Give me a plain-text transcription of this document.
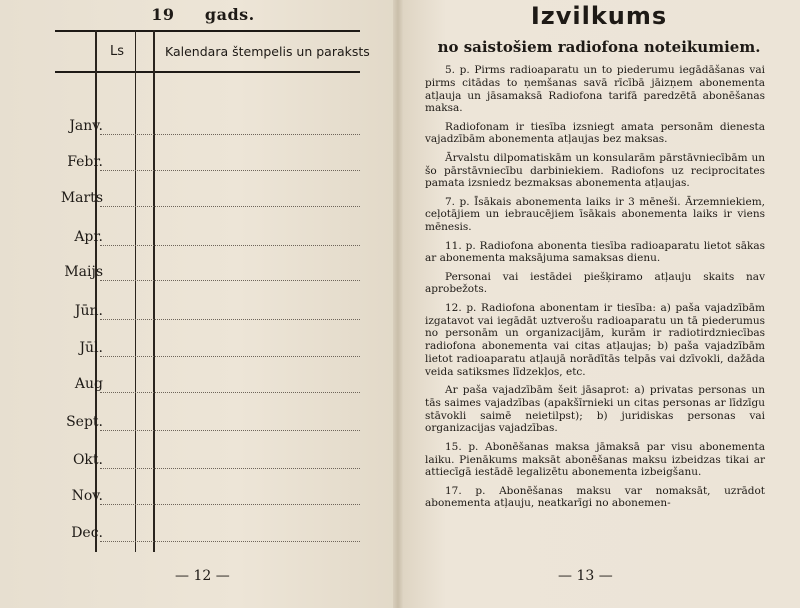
19     gads.
Ls	Kalendara štempelis un paraksts
Janv.
Febr.
Marts
Apr.
Maijs
Jūn.
Jūl.
Aug
Sept.
Okt.
Nov.
Dec.
— 12 —
Izvilkums
no saistošiem radiofona noteikumiem.

5. p. Pirms radioaparatu un to piederumu iegādāšanas vai pirms citādas to ņemšanas savā rīcībā jāizņem abonementa atļauja un jāsamaksā Radiofona tarifā paredzētā abonēšanas maksa.

Radiofonam ir tiesība izsniegt amata personām dienesta vajadzībām abonementa atļaujas bez maksas.

Ārvalstu dilpomatiskām un konsularām pārstāvniecībām un šo pārstāvniecību darbiniekiem. Radiofons uz reciprocitates pamata izsniedz bezmaksas abonementa atļaujas.

7. p. Īsākais abonementa laiks ir 3 mēneši. Ārzemniekiem, ceļotājiem un iebraucējiem īsākais abonementa laiks ir viens mēnesis.

11. p. Radiofona abonenta tiesība radioaparatu lietot sākas ar abonementa maksājuma samaksas dienu.

Personai vai iestādei piešķiramo atļauju skaits nav aprobežots.

12. p. Radiofona abonentam ir tiesība: a) paša vajadzībām izgatavot vai iegādāt uztverošu radioaparatu un tā piederumus no personām un organizacijām, kurām ir radiotirdzniecības radiofona abonementa vai citas atļaujas; b) paša vajadzībām lietot radioaparatu atļaujā norādītās telpās vai dzīvokli, dažāda veida satiksmes līdzekļos, etc.

Ar paša vajadzībām šeit jāsaprot: a) privatas personas un tās saimes vajadzības (apakšīrnieki un citas personas ar līdzīgu stāvokli saimē neietilpst); b) juridiskas personas vai organizacijas vajadzības.

15. p. Abonēšanas maksa jāmaksā par visu abonementa laiku. Pienākums maksāt abonēšanas maksu izbeidzas tikai ar attiecīgā iestādē legalizētu abonementa izbeigšanu.

17. p. Abonēšanas maksu var nomaksāt, uzrādot abonementa atļauju, neatkarīgi no abonemen-

— 13 —
